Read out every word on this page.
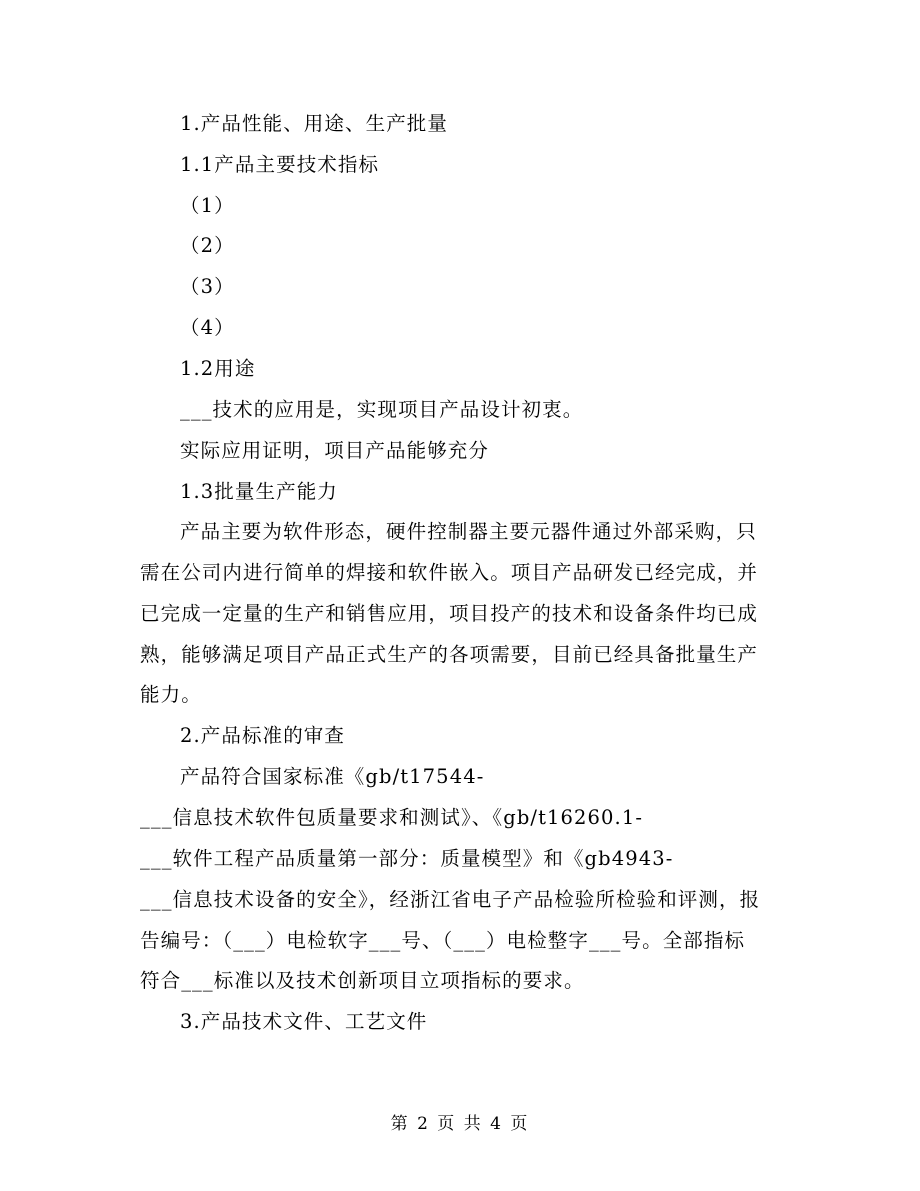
1.产品性能、用途、生产批量
1.1产品主要技术指标
（1）
（2）
（3）
（4）
1.2用途
___技术的应用是，实现项目产品设计初衷。
实际应用证明，项目产品能够充分
1.3批量生产能力
产品主要为软件形态，硬件控制器主要元器件通过外部采购，只
需在公司内进行简单的焊接和软件嵌入。项目产品研发已经完成，并
已完成一定量的生产和销售应用，项目投产的技术和设备条件均已成
熟，能够满足项目产品正式生产的各项需要，目前已经具备批量生产
能力。
2.产品标准的审查
产品符合国家标准《gb/t17544-
___信息技术软件包质量要求和测试》、《gb/t16260.1-
___软件工程产品质量第一部分：质量模型》和《gb4943-
___信息技术设备的安全》，经浙江省电子产品检验所检验和评测，报
告编号：（___）电检软字___号、（___）电检整字___号。全部指标
符合___标准以及技术创新项目立项指标的要求。
3.产品技术文件、工艺文件
第 2 页 共 4 页
